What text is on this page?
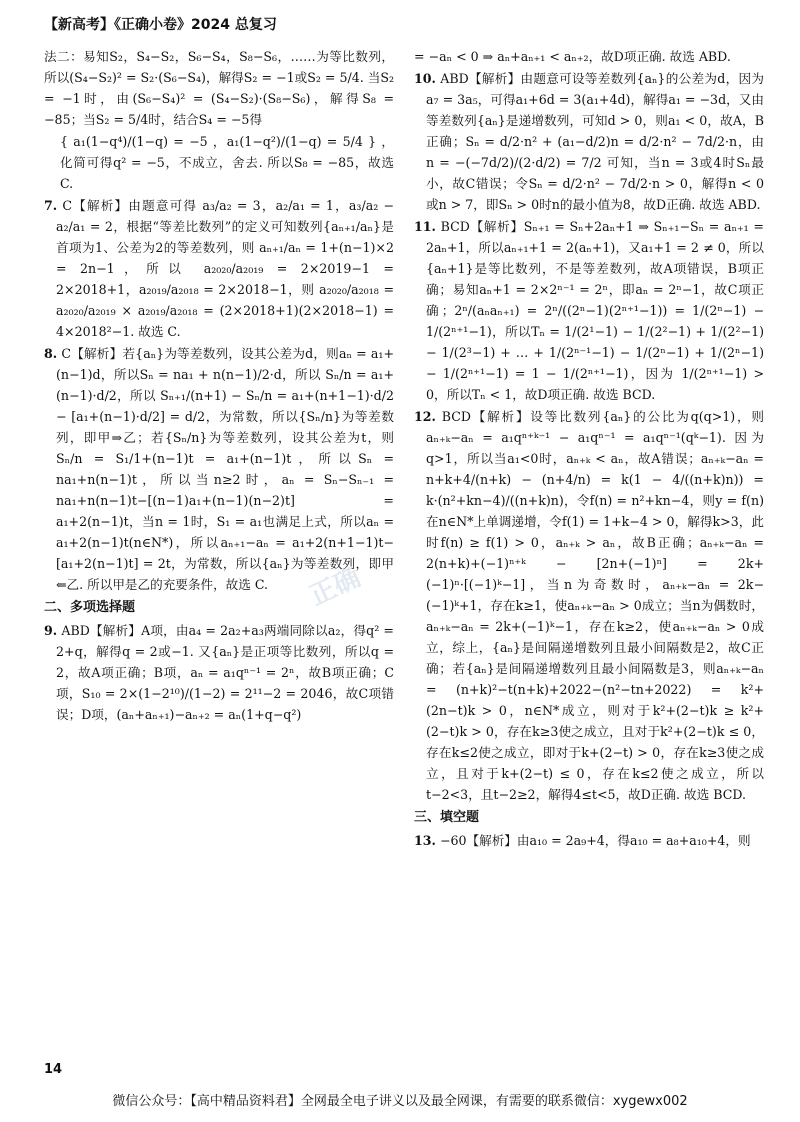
【新高考】《正确小卷》2024 总复习
正确
法二：易知S₂，S₄−S₂，S₆−S₄，S₈−S₆，……为等比数列，所以(S₄−S₂)² = S₂·(S₆−S₄)，解得S₂ = −1或S₂ = 5/4. 当S₂ = −1时，由(S₆−S₄)² = (S₄−S₂)·(S₈−S₆)，解得S₈ = −85；当S₂ = 5/4时，结合S₄ = −5得
{ a₁(1−q⁴)/(1−q) = −5 ，a₁(1−q²)/(1−q) = 5/4 } ，化简可得q² = −5，不成立，舍去. 所以S₈ = −85，故选 C.
7. C【解析】由题意可得 a₃/a₂ = 3，a₂/a₁ = 1，a₃/a₂ − a₂/a₁ = 2，根据“等差比数列”的定义可知数列{aₙ₊₁/aₙ}是首项为1、公差为2的等差数列，则 aₙ₊₁/aₙ = 1+(n−1)×2 = 2n−1，所以 a₂₀₂₀/a₂₀₁₉ = 2×2019−1 = 2×2018+1，a₂₀₁₉/a₂₀₁₈ = 2×2018−1，则 a₂₀₂₀/a₂₀₁₈ = a₂₀₂₀/a₂₀₁₉ × a₂₀₁₉/a₂₀₁₈ = (2×2018+1)(2×2018−1) = 4×2018²−1. 故选 C.
8. C【解析】若{aₙ}为等差数列，设其公差为d，则aₙ = a₁+(n−1)d，所以Sₙ = na₁ + n(n−1)/2·d，所以 Sₙ/n = a₁+(n−1)·d/2，所以 Sₙ₊₁/(n+1) − Sₙ/n = a₁+(n+1−1)·d/2 − [a₁+(n−1)·d/2] = d/2，为常数，所以{Sₙ/n}为等差数列，即甲⇒乙；若{Sₙ/n}为等差数列，设其公差为t，则 Sₙ/n = S₁/1+(n−1)t = a₁+(n−1)t，所以Sₙ = na₁+n(n−1)t，所以当n≥2时，aₙ = Sₙ−Sₙ₋₁ = na₁+n(n−1)t−[(n−1)a₁+(n−1)(n−2)t] = a₁+2(n−1)t，当n = 1时，S₁ = a₁也满足上式，所以aₙ = a₁+2(n−1)t(n∈N*)，所以aₙ₊₁−aₙ = a₁+2(n+1−1)t−[a₁+2(n−1)t] = 2t，为常数，所以{aₙ}为等差数列，即甲⇐乙. 所以甲是乙的充要条件，故选 C.
二、多项选择题
9. ABD【解析】A项，由a₄ = 2a₂+a₃两端同除以a₂，得q² = 2+q，解得q = 2或−1. 又{aₙ}是正项等比数列，所以q = 2，故A项正确；B项，aₙ = a₁qⁿ⁻¹ = 2ⁿ，故B项正确；C项，S₁₀ = 2×(1−2¹⁰)/(1−2) = 2¹¹−2 = 2046，故C项错误；D项，(aₙ+aₙ₊₁)−aₙ₊₂ = aₙ(1+q−q²)
= −aₙ < 0 ⇒ aₙ+aₙ₊₁ < aₙ₊₂，故D项正确. 故选 ABD.
10. ABD【解析】由题意可设等差数列{aₙ}的公差为d，因为a₇ = 3a₅，可得a₁+6d = 3(a₁+4d)，解得a₁ = −3d，又由等差数列{aₙ}是递增数列，可知d > 0，则a₁ < 0，故A，B正确；Sₙ = d/2·n² + (a₁−d/2)n = d/2·n² − 7d/2·n，由 n = −(−7d/2)/(2·d/2) = 7/2 可知，当n = 3或4时Sₙ最小，故C错误；令Sₙ = d/2·n² − 7d/2·n > 0，解得n < 0或n > 7，即Sₙ > 0时n的最小值为8，故D正确. 故选 ABD.
11. BCD【解析】Sₙ₊₁ = Sₙ+2aₙ+1 ⇒ Sₙ₊₁−Sₙ = aₙ₊₁ = 2aₙ+1，所以aₙ₊₁+1 = 2(aₙ+1)，又a₁+1 = 2 ≠ 0，所以{aₙ+1}是等比数列，不是等差数列，故A项错误，B项正确；易知aₙ+1 = 2×2ⁿ⁻¹ = 2ⁿ，即aₙ = 2ⁿ−1，故C项正确；2ⁿ/(aₙaₙ₊₁) = 2ⁿ/((2ⁿ−1)(2ⁿ⁺¹−1)) = 1/(2ⁿ−1) − 1/(2ⁿ⁺¹−1)，所以Tₙ = 1/(2¹−1) − 1/(2²−1) + 1/(2²−1) − 1/(2³−1) + … + 1/(2ⁿ⁻¹−1) − 1/(2ⁿ−1) + 1/(2ⁿ−1) − 1/(2ⁿ⁺¹−1) = 1 − 1/(2ⁿ⁺¹−1)，因为 1/(2ⁿ⁺¹−1) > 0，所以Tₙ < 1，故D项正确. 故选 BCD.
12. BCD【解析】设等比数列{aₙ}的公比为q(q>1)，则aₙ₊ₖ−aₙ = a₁qⁿ⁺ᵏ⁻¹ − a₁qⁿ⁻¹ = a₁qⁿ⁻¹(qᵏ−1). 因为q>1，所以当a₁<0时，aₙ₊ₖ < aₙ，故A错误；aₙ₊ₖ−aₙ = n+k+4/(n+k) − (n+4/n) = k(1 − 4/((n+k)n)) = k·(n²+kn−4)/((n+k)n)，令f(n) = n²+kn−4，则y = f(n)在n∈N*上单调递增，令f(1) = 1+k−4 > 0，解得k>3，此时f(n) ≥ f(1) > 0，aₙ₊ₖ > aₙ，故B正确；aₙ₊ₖ−aₙ = 2(n+k)+(−1)ⁿ⁺ᵏ − [2n+(−1)ⁿ] = 2k+(−1)ⁿ·[(−1)ᵏ−1]，当n为奇数时，aₙ₊ₖ−aₙ = 2k−(−1)ᵏ+1，存在k≥1，使aₙ₊ₖ−aₙ > 0成立；当n为偶数时，aₙ₊ₖ−aₙ = 2k+(−1)ᵏ−1，存在k≥2，使aₙ₊ₖ−aₙ > 0成立，综上，{aₙ}是间隔递增数列且最小间隔数是2，故C正确；若{aₙ}是间隔递增数列且最小间隔数是3，则aₙ₊ₖ−aₙ = (n+k)²−t(n+k)+2022−(n²−tn+2022) = k²+(2n−t)k > 0，n∈N*成立，则对于k²+(2−t)k ≥ k²+(2−t)k > 0，存在k≥3使之成立，且对于k²+(2−t)k ≤ 0，存在k≤2使之成立，即对于k+(2−t) > 0，存在k≥3使之成立，且对于k+(2−t) ≤ 0，存在k≤2使之成立，所以t−2<3，且t−2≥2，解得4≤t<5，故D正确. 故选 BCD.
三、填空题
13. −60【解析】由a₁₀ = 2a₉+4，得a₁₀ = a₈+a₁₀+4，则
14
微信公众号：【高中精品资料君】全网最全电子讲义以及最全网课，有需要的联系微信：xygewx002
